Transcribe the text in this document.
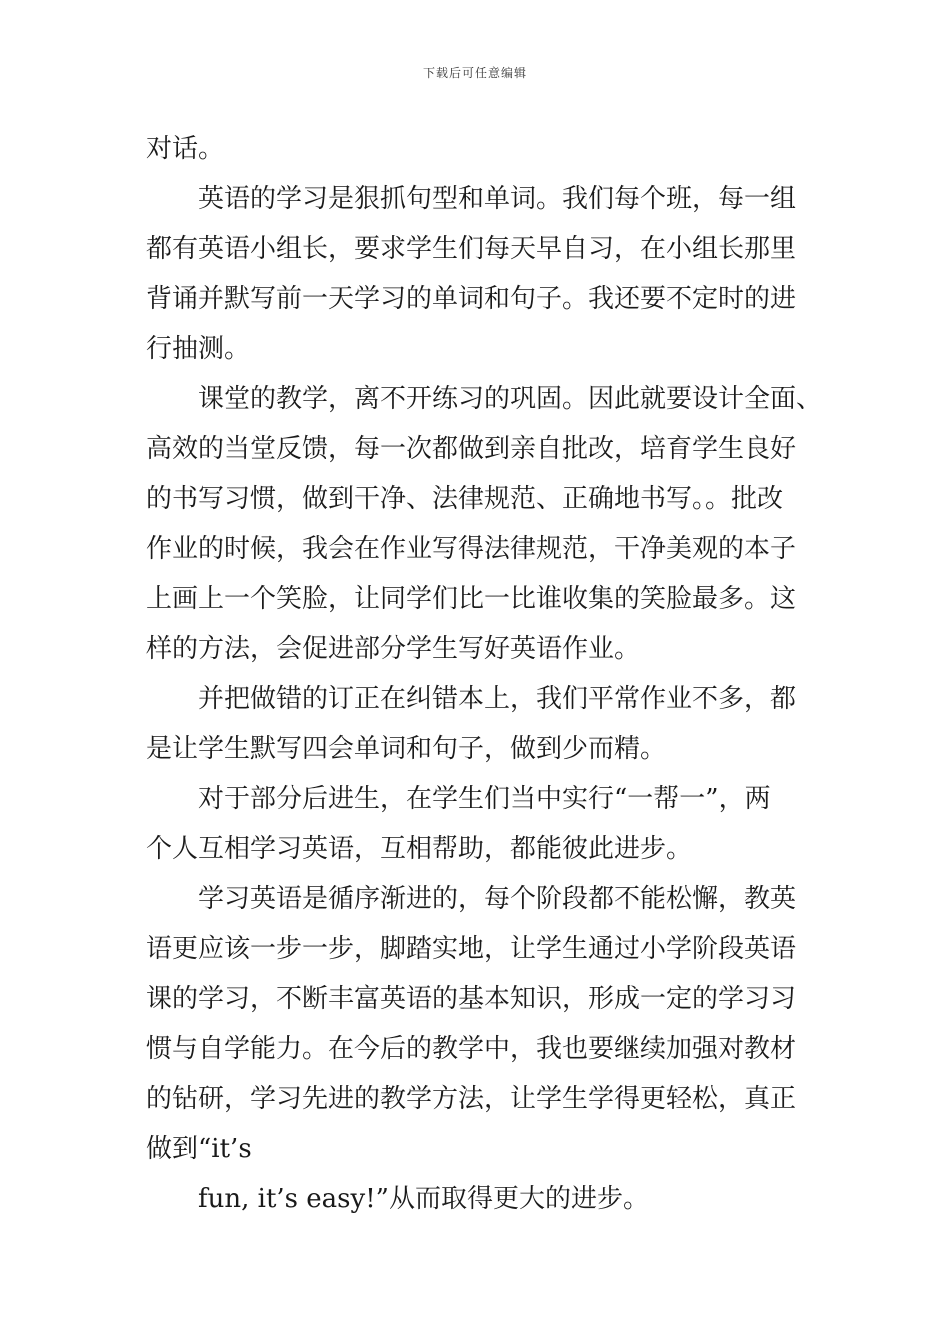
下载后可任意编辑
对话。
英语的学习是狠抓句型和单词。我们每个班，每一组
都有英语小组长，要求学生们每天早自习，在小组长那里
背诵并默写前一天学习的单词和句子。我还要不定时的进
行抽测。
课堂的教学，离不开练习的巩固。因此就要设计全面、
高效的当堂反馈，每一次都做到亲自批改，培育学生良好
的书写习惯，做到干净、法律规范、正确地书写。。批改
作业的时候，我会在作业写得法律规范，干净美观的本子
上画上一个笑脸，让同学们比一比谁收集的笑脸最多。这
样的方法，会促进部分学生写好英语作业。
并把做错的订正在纠错本上，我们平常作业不多，都
是让学生默写四会单词和句子，做到少而精。
对于部分后进生，在学生们当中实行“一帮一”，两
个人互相学习英语，互相帮助，都能彼此进步。
学习英语是循序渐进的，每个阶段都不能松懈，教英
语更应该一步一步，脚踏实地，让学生通过小学阶段英语
课的学习，不断丰富英语的基本知识，形成一定的学习习
惯与自学能力。在今后的教学中，我也要继续加强对教材
的钻研，学习先进的教学方法，让学生学得更轻松，真正
做到“it’s
fun, it’s easy!”从而取得更大的进步。
